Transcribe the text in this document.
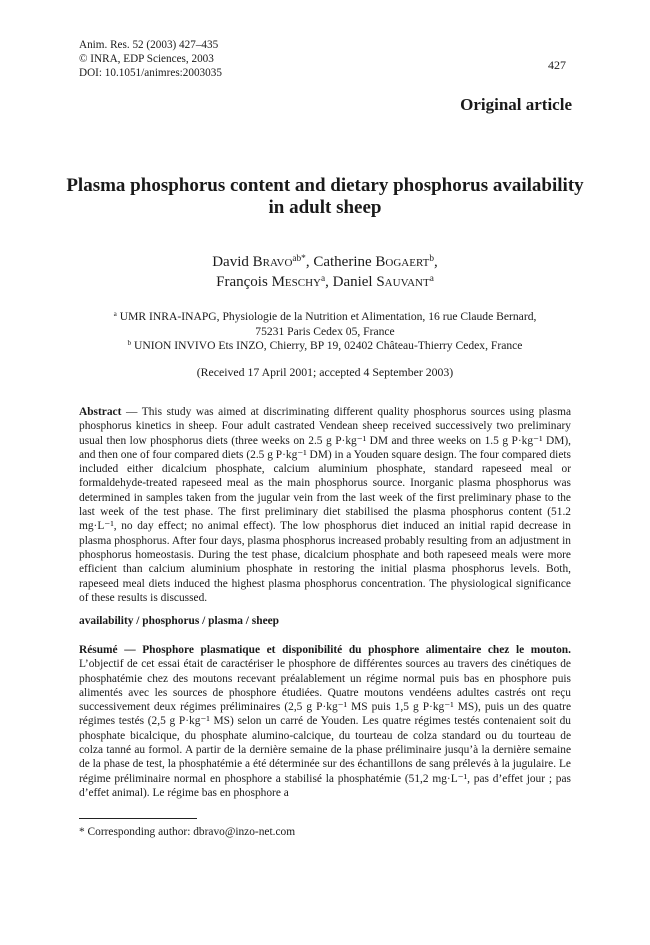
Anim. Res. 52 (2003) 427–435
© INRA, EDP Sciences, 2003
DOI: 10.1051/animres:2003035
427
Original article
Plasma phosphorus content and dietary phosphorus availability in adult sheep
David Bravo$^{ab*}$, Catherine Bogaert$^b$,
François Meschy$^a$, Daniel Sauvant$^a$
$^a$ UMR INRA-INAPG, Physiologie de la Nutrition et Alimentation, 16 rue Claude Bernard,
75231 Paris Cedex 05, France
$^b$ UNION INVIVO Ets INZO, Chierry, BP 19, 02402 Château-Thierry Cedex, France
(Received 17 April 2001; accepted 4 September 2003)
Abstract — This study was aimed at discriminating different quality phosphorus sources using plasma phosphorus kinetics in sheep. Four adult castrated Vendean sheep received successively two preliminary usual then low phosphorus diets (three weeks on 2.5 g P·kg⁻¹ DM and three weeks on 1.5 g P·kg⁻¹ DM), and then one of four compared diets (2.5 g P·kg⁻¹ DM) in a Youden square design. The four compared diets included either dicalcium phosphate, calcium aluminium phosphate, standard rapeseed meal or formaldehyde-treated rapeseed meal as the main phosphorus source. Inorganic plasma phosphorus was determined in samples taken from the jugular vein from the last week of the first preliminary phase to the last week of the test phase. The first preliminary diet stabilised the plasma phosphorus content (51.2 mg·L⁻¹, no day effect; no animal effect). The low phosphorus diet induced an initial rapid decrease in plasma phosphorus. After four days, plasma phosphorus increased probably resulting from an adjustment in phosphorus homeostasis. During the test phase, dicalcium phosphate and both rapeseed meals were more efficient than calcium aluminium phosphate in restoring the initial plasma phosphorus levels. Both, rapeseed meal diets induced the highest plasma phosphorus concentration. The physiological significance of these results is discussed.
availability / phosphorus / plasma / sheep
Résumé — Phosphore plasmatique et disponibilité du phosphore alimentaire chez le mouton. L’objectif de cet essai était de caractériser le phosphore de différentes sources au travers des cinétiques de phosphatémie chez des moutons recevant préalablement un régime normal puis bas en phosphore puis alimentés avec les sources de phosphore étudiées. Quatre moutons vendéens adultes castrés ont reçu successivement deux régimes préliminaires (2,5 g P·kg⁻¹ MS puis 1,5 g P·kg⁻¹ MS), puis un des quatre régimes testés (2,5 g P·kg⁻¹ MS) selon un carré de Youden. Les quatre régimes testés contenaient soit du phosphate bicalcique, du phosphate alumino-calcique, du tourteau de colza standard ou du tourteau de colza tanné au formol. A partir de la dernière semaine de la phase préliminaire jusqu’à la dernière semaine de la phase de test, la phosphatémie a été déterminée sur des échantillons de sang prélevés à la jugulaire. Le régime préliminaire normal en phosphore a stabilisé la phosphatémie (51,2 mg·L⁻¹, pas d’effet jour ; pas d’effet animal). Le régime bas en phosphore a
* Corresponding author: dbravo@inzo-net.com
